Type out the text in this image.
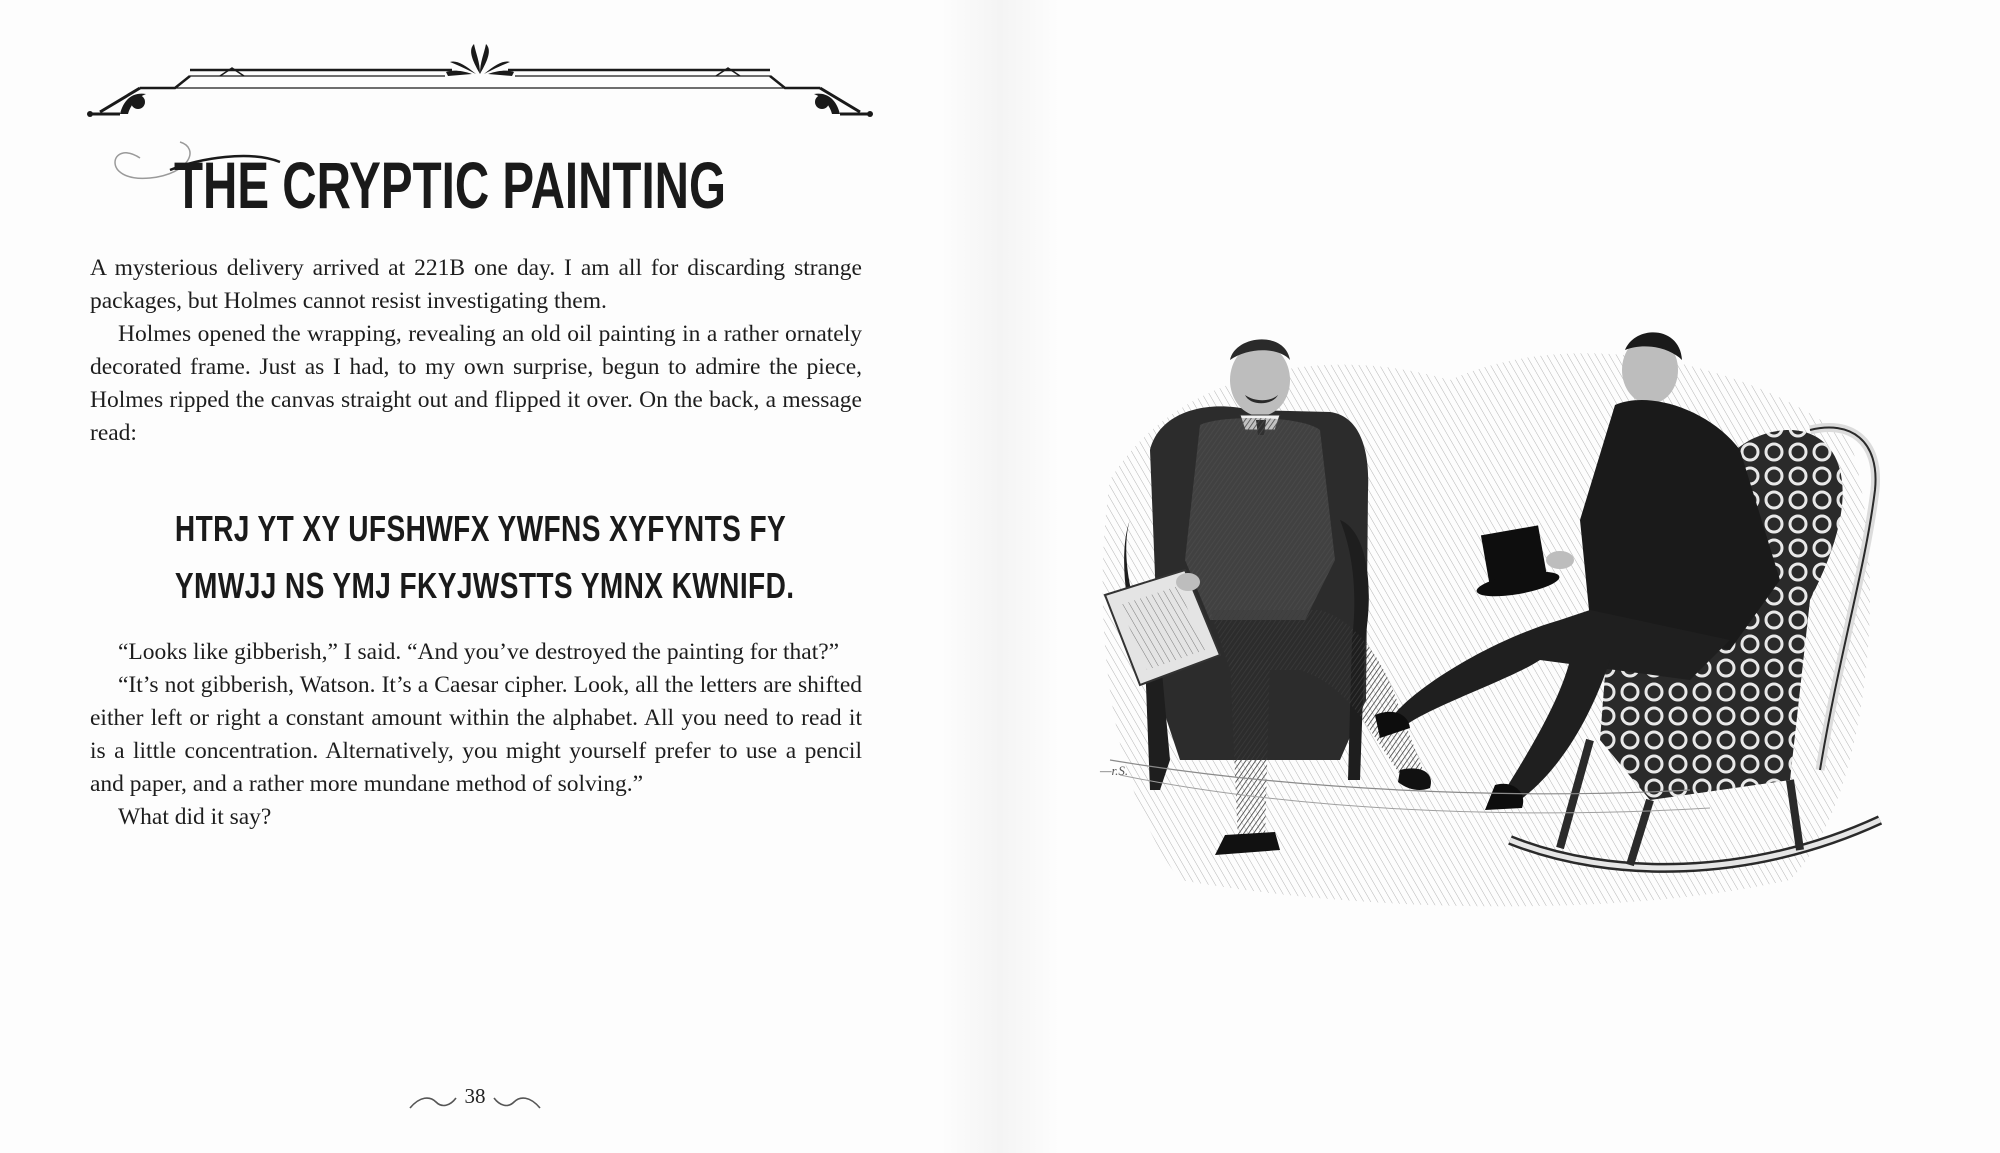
THE CRYPTIC PAINTING

A mysterious delivery arrived at 221B one day. I am all for discarding strange packages, but Holmes cannot resist investigating them.

Holmes opened the wrapping, revealing an old oil painting in a rather ornately decorated frame. Just as I had, to my own surprise, begun to admire the piece, Holmes ripped the canvas straight out and flipped it over. On the back, a message read:

HTRJ YT XY UFSHWFX YWFNS XYFYNTS FY
YMWJJ NS YMJ FKYJWSTTS YMNX KWNIFD.

“Looks like gibberish,” I said. “And you’ve destroyed the painting for that?”

“It’s not gibberish, Watson. It’s a Caesar cipher. Look, all the letters are shifted either left or right a constant amount within the alphabet. All you need to read it is a little concentration. Alternatively, you might yourself prefer to use a pencil and paper, and a rather more mundane method of solving.”

What did it say?

38
—r.S.
